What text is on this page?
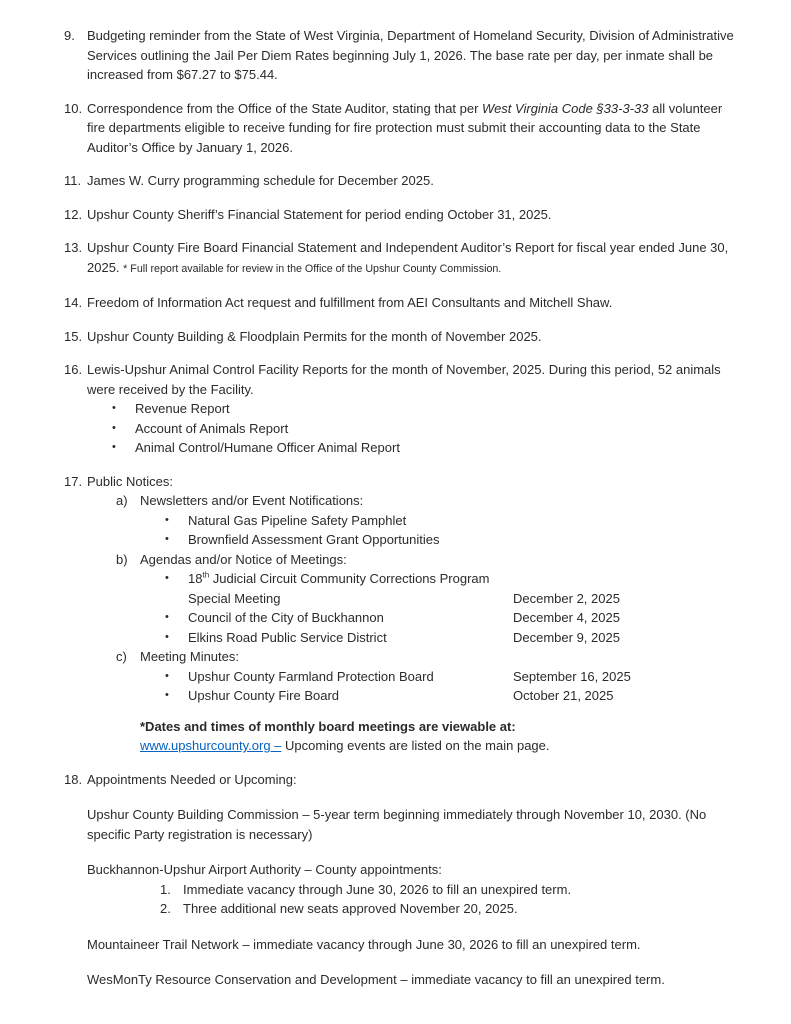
9. Budgeting reminder from the State of West Virginia, Department of Homeland Security, Division of Administrative Services outlining the Jail Per Diem Rates beginning July 1, 2026. The base rate per day, per inmate shall be increased from $67.27 to $75.44.

10. Correspondence from the Office of the State Auditor, stating that per West Virginia Code §33-3-33 all volunteer fire departments eligible to receive funding for fire protection must submit their accounting data to the State Auditor’s Office by January 1, 2026.

11. James W. Curry programming schedule for December 2025.

12. Upshur County Sheriff’s Financial Statement for period ending October 31, 2025.

13. Upshur County Fire Board Financial Statement and Independent Auditor’s Report for fiscal year ended June 30, 2025. * Full report available for review in the Office of the Upshur County Commission.

14. Freedom of Information Act request and fulfillment from AEI Consultants and Mitchell Shaw.

15. Upshur County Building & Floodplain Permits for the month of November 2025.

16. Lewis-Upshur Animal Control Facility Reports for the month of November, 2025. During this period, 52 animals were received by the Facility.

•	Revenue Report
•	Account of Animals Report
•	Animal Control/Humane Officer Animal Report
17. Public Notices:

a) Newsletters and/or Event Notifications:

•	Natural Gas Pipeline Safety Pamphlet
•	Brownfield Assessment Grant Opportunities
b) Agendas and/or Notice of Meetings:

•	18th Judicial Circuit Community Corrections Program

Special Meeting	December 2, 2025
•	Council of the City of Buckhannon	December 4, 2025
•	Elkins Road Public Service District	December 9, 2025
c)	Meeting Minutes:

•	Upshur County Farmland Protection Board	September 16, 2025
•	Upshur County Fire Board	October 21, 2025

*Dates and times of monthly board meetings are viewable at:

www.upshurcounty.org – Upcoming events are listed on the main page.

18. Appointments Needed or Upcoming:

Upshur County Building Commission – 5-year term beginning immediately through November 10, 2030. (No specific Party registration is necessary)

Buckhannon-Upshur Airport Authority – County appointments:

1. Immediate vacancy through June 30, 2026 to fill an unexpired term.
2. Three additional new seats approved November 20, 2025.

Mountaineer Trail Network – immediate vacancy through June 30, 2026 to fill an unexpired term.

WesMonTy Resource Conservation and Development – immediate vacancy to fill an unexpired term.
